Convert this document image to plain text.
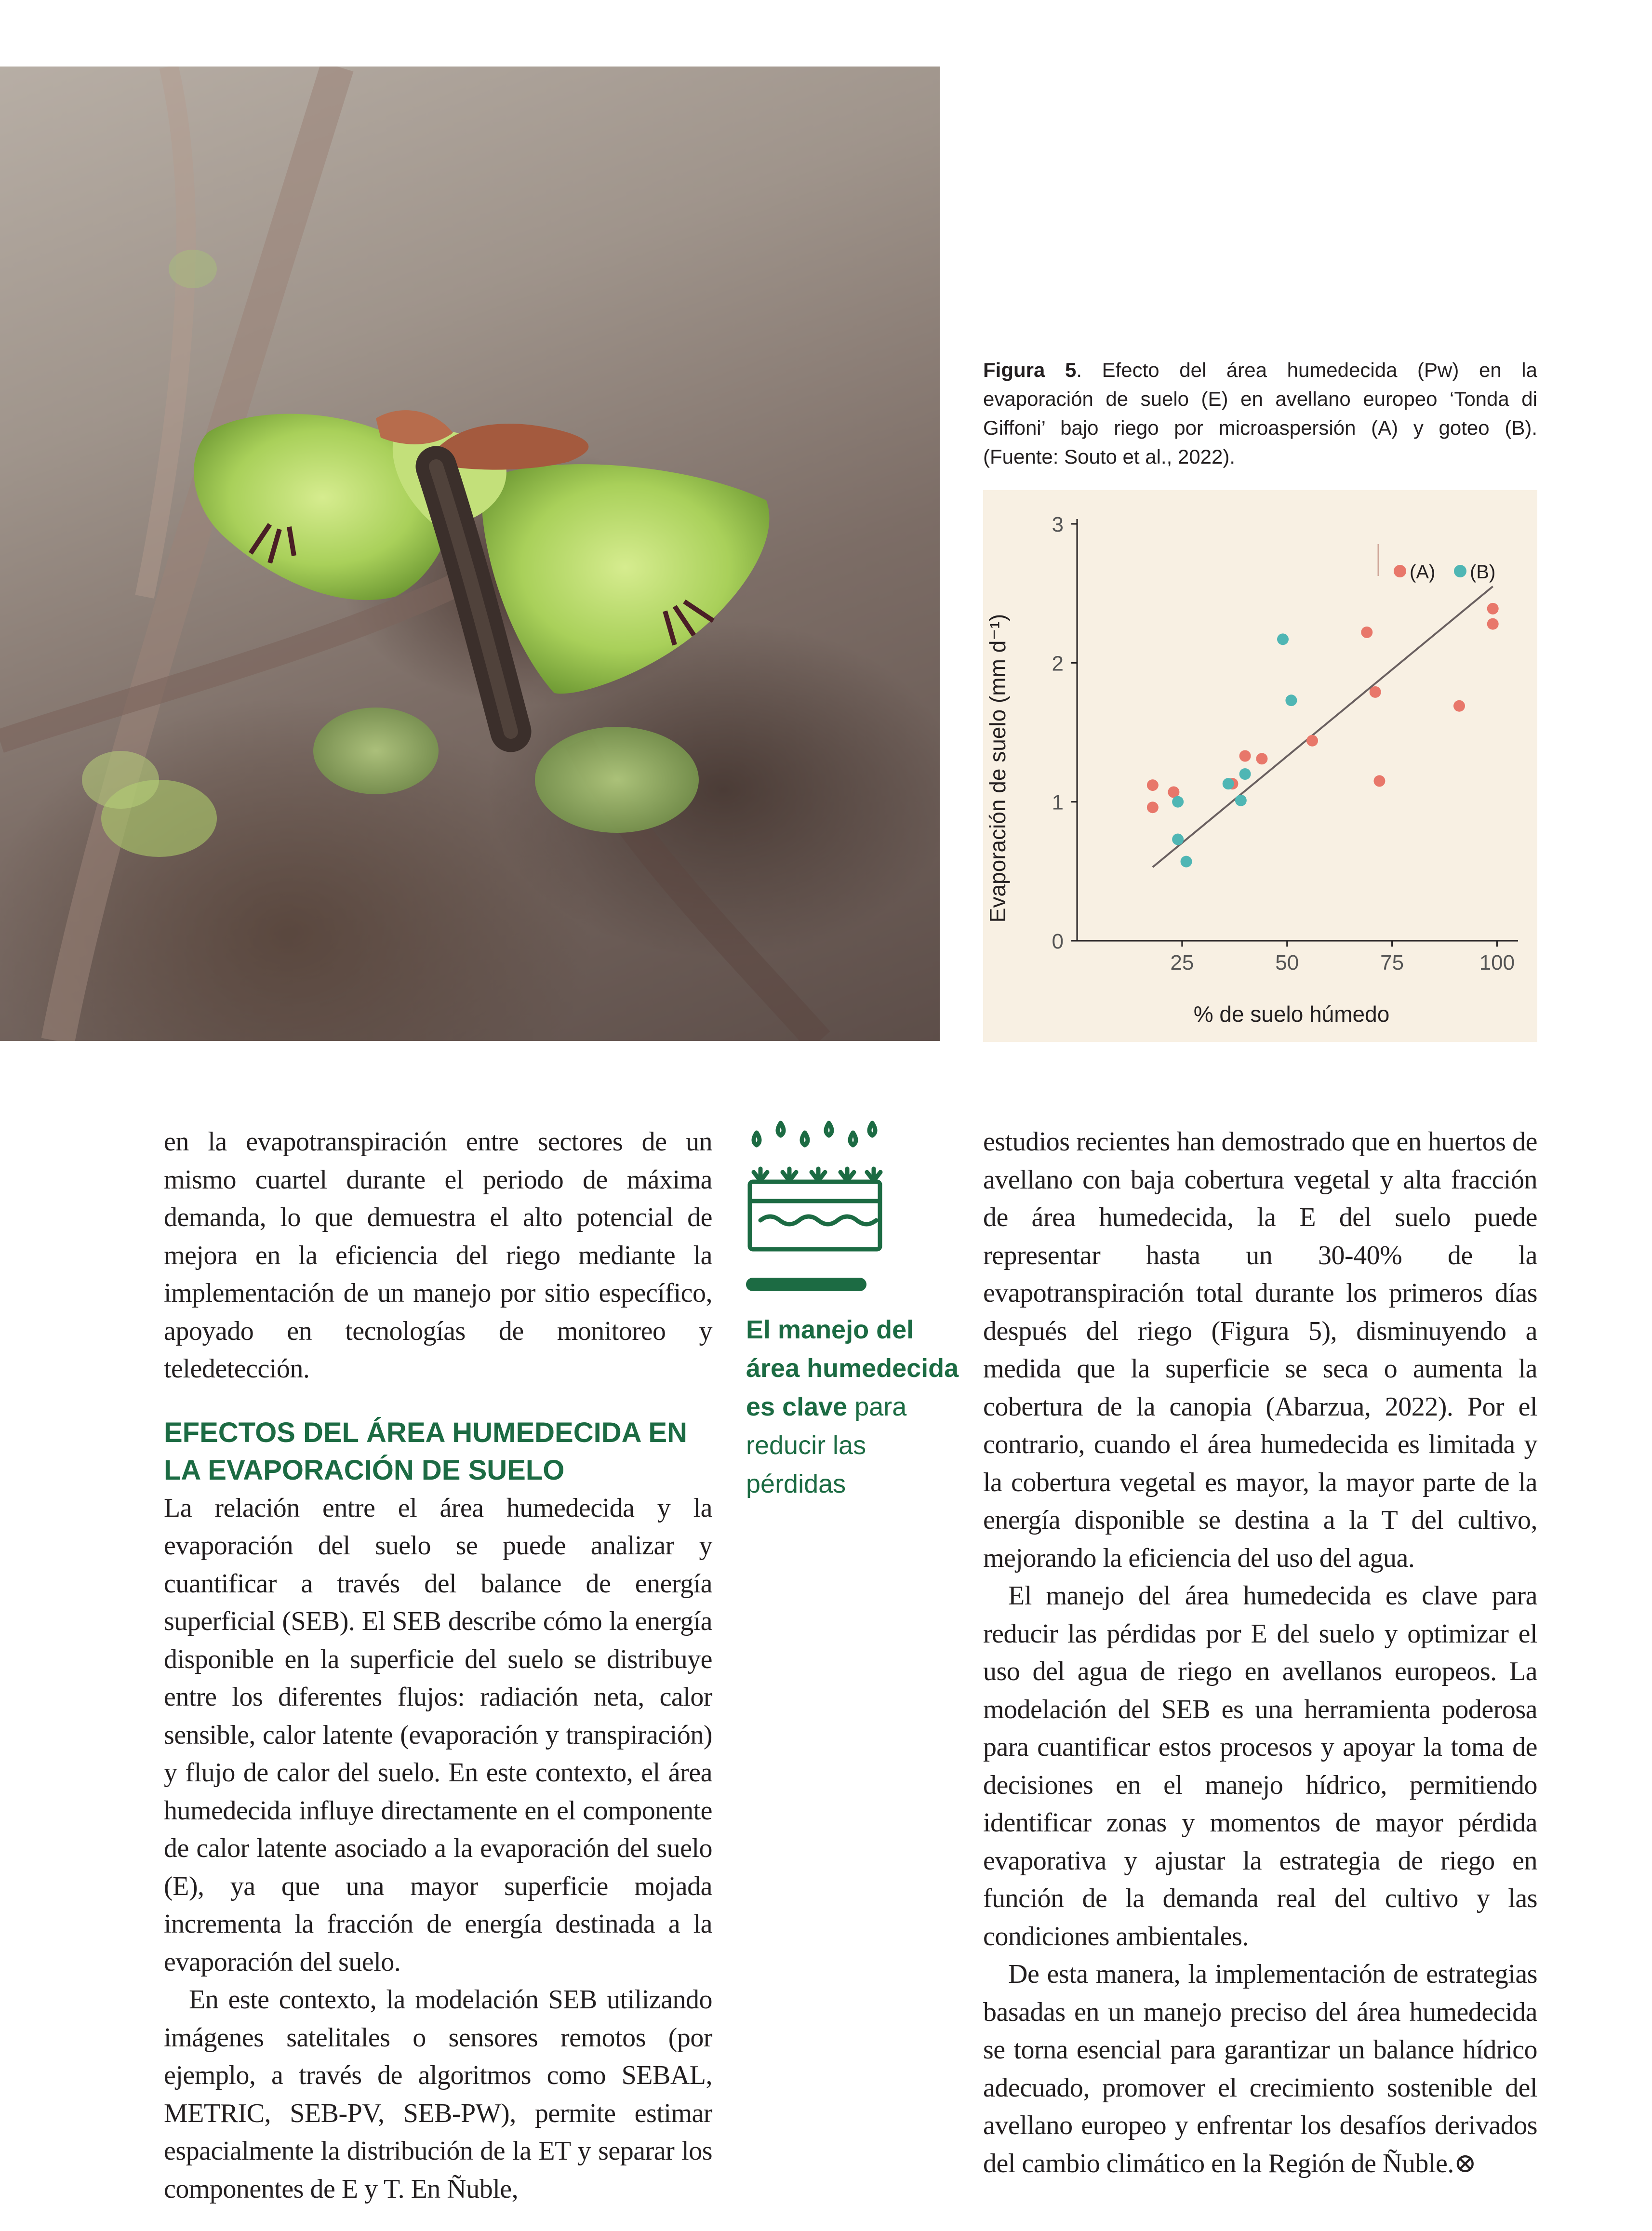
Figura 5. Efecto del área humedecida (Pw) en la evaporación de suelo (E) en avellano europeo ‘Tonda di Giffoni’ bajo riego por microaspersión (A) y goteo (B). (Fuente: Souto et al., 2022).
0
1
2
3
25	50	75	100
(A) (B)
Evaporación de suelo (mm d⁻¹)
% de suelo húmedo

en la evapotranspiración entre sectores de un mismo cuartel durante el periodo de máxima demanda, lo que demuestra el alto potencial de mejora en la eficiencia del riego mediante la implementación de un manejo por sitio específico, apoyado en tecnologías de monitoreo y teledetección.

EFECTOS DEL ÁREA HUMEDECIDA EN LA EVAPORACIÓN DE SUELO

La relación entre el área humedecida y la evaporación del suelo se puede analizar y cuantificar a través del balance de energía superficial (SEB). El SEB describe cómo la energía disponible en la superficie del suelo se distribuye entre los diferentes flujos: radiación neta, calor sensible, calor latente (evaporación y transpiración) y flujo de calor del suelo. En este contexto, el área humedecida influye directamente en el componente de calor latente asociado a la evaporación del suelo (E), ya que una mayor superficie mojada incrementa la fracción de energía destinada a la evaporación del suelo.

En este contexto, la modelación SEB utilizando imágenes satelitales o sensores remotos (por ejemplo, a través de algoritmos como SEBAL, METRIC, SEB-PV, SEB-PW), permite estimar espacialmente la distribución de la ET y separar los componentes de E y T. En Ñuble,

El manejo del área humedecida es clave para reducir las pérdidas

estudios recientes han demostrado que en huertos de avellano con baja cobertura vegetal y alta fracción de área humedecida, la E del suelo puede representar hasta un 30-40% de la evapotranspiración total durante los primeros días después del riego (Figura 5), disminuyendo a medida que la superficie se seca o aumenta la cobertura de la canopia (Abarzua, 2022). Por el contrario, cuando el área humedecida es limitada y la cobertura vegetal es mayor, la mayor parte de la energía disponible se destina a la T del cultivo, mejorando la eficiencia del uso del agua.

El manejo del área humedecida es clave para reducir las pérdidas por E del suelo y optimizar el uso del agua de riego en avellanos europeos. La modelación del SEB es una herramienta poderosa para cuantificar estos procesos y apoyar la toma de decisiones en el manejo hídrico, permitiendo identificar zonas y momentos de mayor pérdida evaporativa y ajustar la estrategia de riego en función de la demanda real del cultivo y las condiciones ambientales.

De esta manera, la implementación de estrategias basadas en un manejo preciso del área humedecida se torna esencial para garantizar un balance hídrico adecuado, promover el crecimiento sostenible del avellano europeo y enfrentar los desafíos derivados del cambio climático en la Región de Ñuble.⊗
